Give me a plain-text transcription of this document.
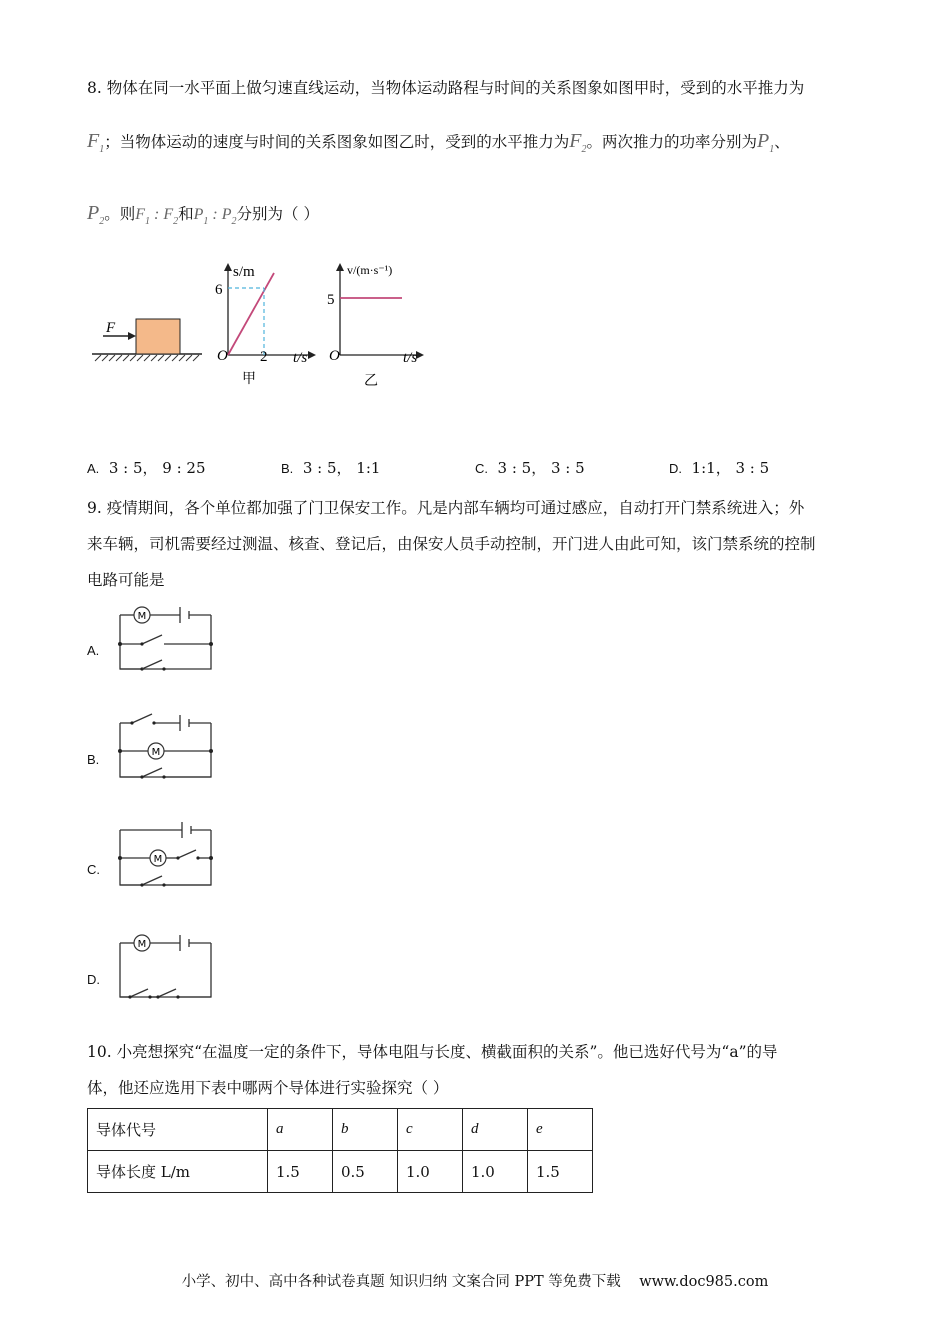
8. 物体在同一水平面上做匀速直线运动，当物体运动路程与时间的关系图象如图甲时，受到的水平推力为
$F_1$；当物体运动的速度与时间的关系图象如图乙时，受到的水平推力为$F_2$。两次推力的功率分别为$P_1$、
$P_2$。则$F_1$ : $F_2$和$P_1$ : $P_2$分别为（ ）
F
s/m
6
2 t/s
O
甲
v/(m·s⁻¹)
5
t/s
O
乙
A. 3 : 5， 9 : 25	B. 3 : 5， 1:1	C. 3 : 5， 3 : 5	D. 1:1， 3 : 5
9. 疫情期间，各个单位都加强了门卫保安工作。凡是内部车辆均可通过感应，自动打开门禁系统进入；外
来车辆，司机需要经过测温、核查、登记后，由保安人员手动控制，开门进人由此可知，该门禁系统的控制
电路可能是
A.
B.
C.
D.
M
M
M
M
10. 小亮想探究“在温度一定的条件下，导体电阻与长度、横截面积的关系”。他已选好代号为“a”的导
体，他还应选用下表中哪两个导体进行实验探究（ ）
导体代号	a	b	c	d	e
导体长度 L/m	1.5	0.5	1.0	1.0	1.5
小学、初中、高中各种试卷真题 知识归纳 文案合同 PPT 等免费下载 www.doc985.com
